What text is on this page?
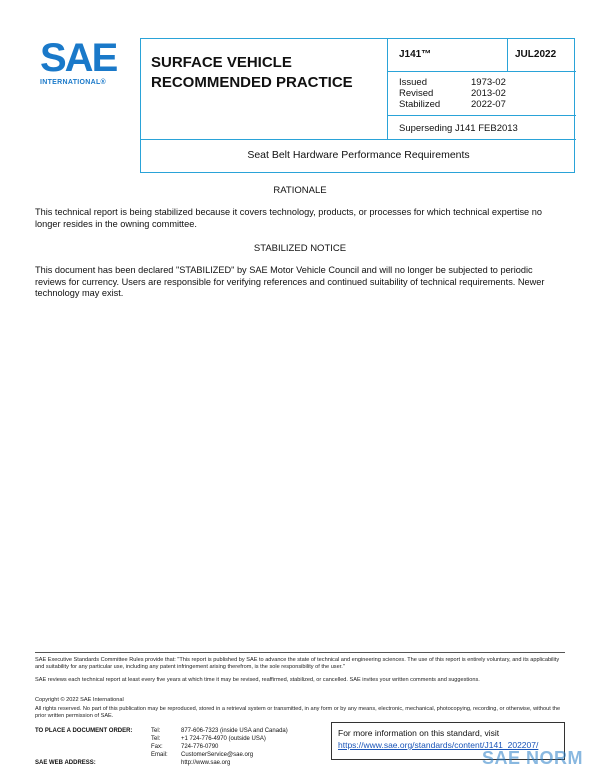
SAE
INTERNATIONAL®
SURFACE VEHICLE
RECOMMENDED PRACTICE
J141™	JUL2022
Issued	1973-02
Revised	2013-02
Stabilized	2022-07
Superseding J141 FEB2013
Seat Belt Hardware Performance Requirements
RATIONALE
This technical report is being stabilized because it covers technology, products, or processes for which technical expertise no longer resides in the owning committee.
STABILIZED NOTICE
This document has been declared "STABILIZED" by SAE Motor Vehicle Council and will no longer be subjected to periodic reviews for currency. Users are responsible for verifying references and continued suitability of technical requirements. Newer technology may exist.
SAE Executive Standards Committee Rules provide that: "This report is published by SAE to advance the state of technical and engineering sciences. The use of this report is entirely voluntary, and its applicability and suitability for any particular use, including any patent infringement arising therefrom, is the sole responsibility of the user."
SAE reviews each technical report at least every five years at which time it may be revised, reaffirmed, stabilized, or cancelled. SAE invites your written comments and suggestions.
Copyright © 2022 SAE International
All rights reserved. No part of this publication may be reproduced, stored in a retrieval system or transmitted, in any form or by any means, electronic, mechanical, photocopying, recording, or otherwise, without the prior written permission of SAE.
TO PLACE A DOCUMENT ORDER:	Tel:	877-606-7323 (inside USA and Canada)
Tel:	+1 724-776-4970 (outside USA)
Fax:	724-776-0790
Email:	CustomerService@sae.org
SAE WEB ADDRESS:	http://www.sae.org
For more information on this standard, visit
https://www.sae.org/standards/content/J141_202207/
SAE NORM
